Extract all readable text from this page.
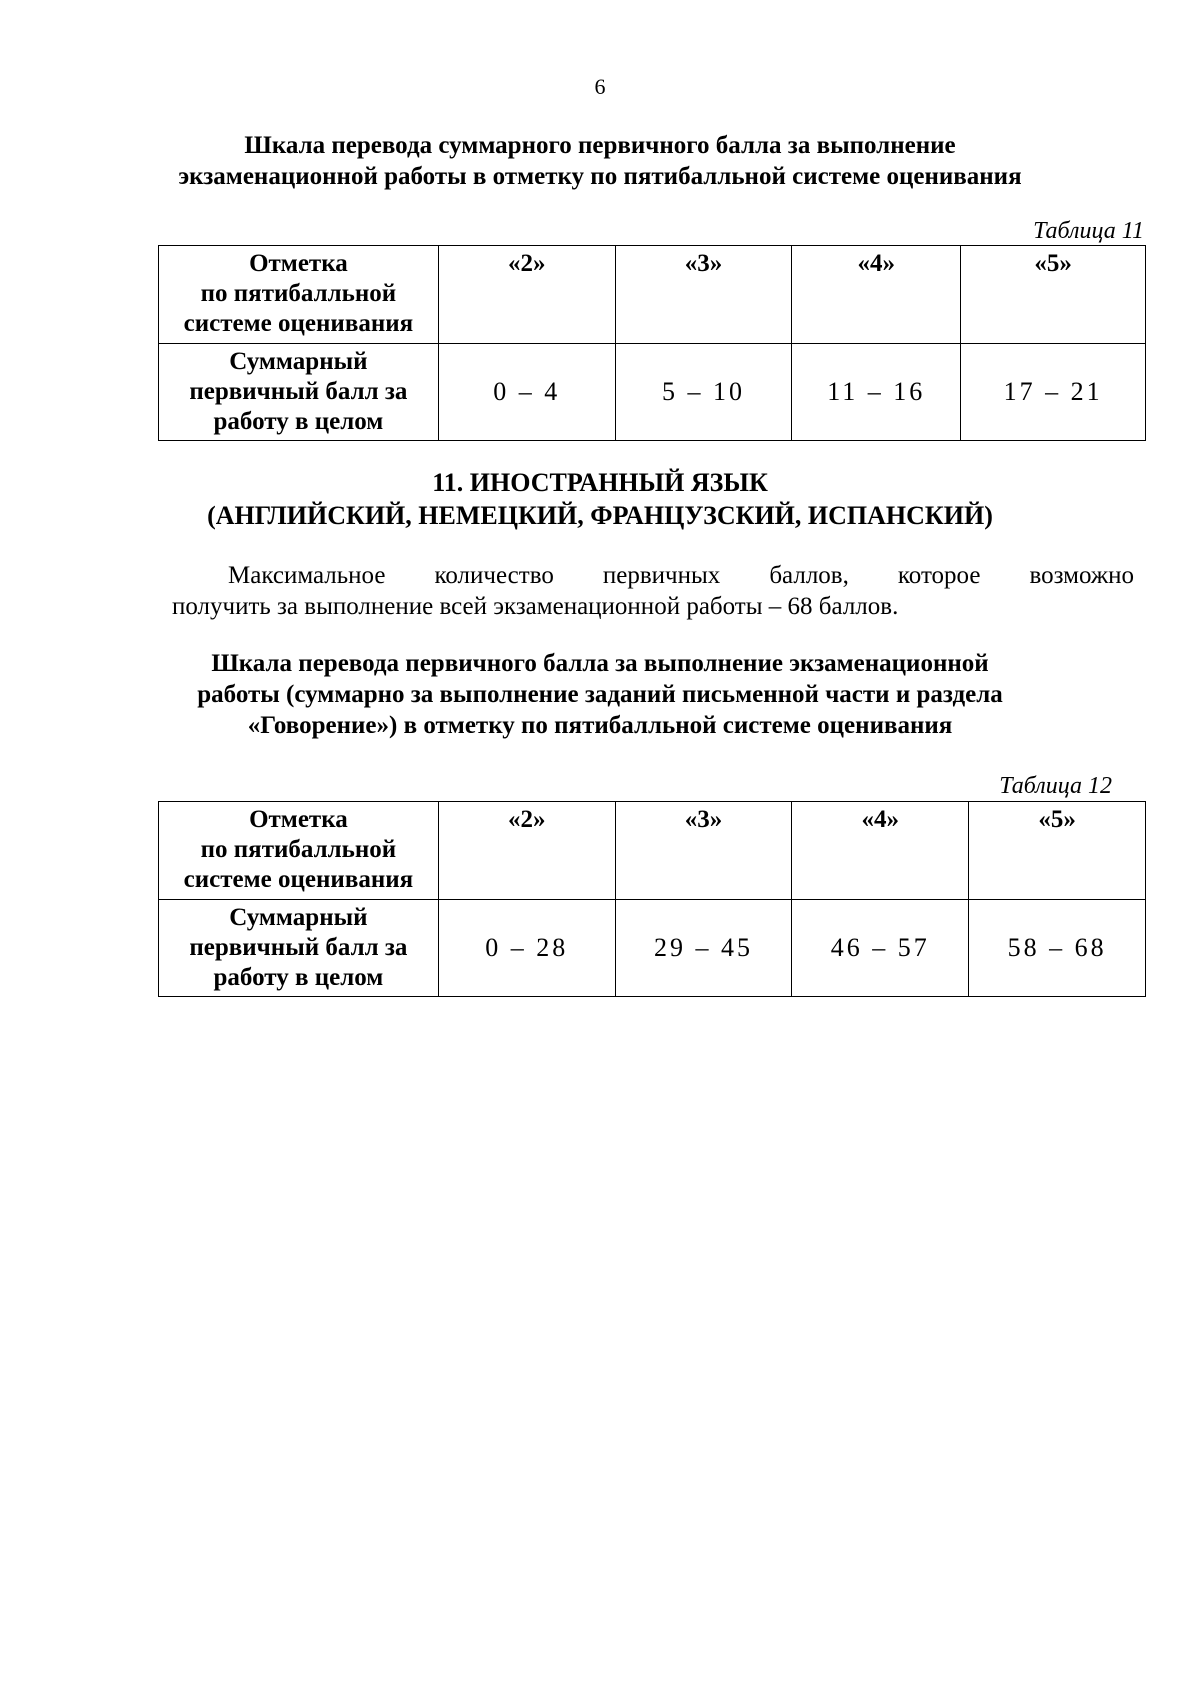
6
Шкала перевода суммарного первичного балла за выполнение
экзаменационной работы в отметку по пятибалльной системе оценивания
Таблица 11
Отметка
по пятибалльной
системе оценивания	«2»	«3»	«4»	«5»

Суммарный
первичный балл за
работу в целом	0 – 4	5 – 10	11 – 16	17 – 21
11. ИНОСТРАННЫЙ ЯЗЫК
(АНГЛИЙСКИЙ, НЕМЕЦКИЙ, ФРАНЦУЗСКИЙ, ИСПАНСКИЙ)
Максимальное количество первичных баллов, которое возможно
получить за выполнение всей экзаменационной работы – 68 баллов.
Шкала перевода первичного балла за выполнение экзаменационной
работы (суммарно за выполнение заданий письменной части и раздела
«Говорение») в отметку по пятибалльной системе оценивания
Таблица 12
Отметка
по пятибалльной
системе оценивания	«2»	«3»	«4»	«5»

Суммарный
первичный балл за
работу в целом	0 – 28	29 – 45	46 – 57	58 – 68
